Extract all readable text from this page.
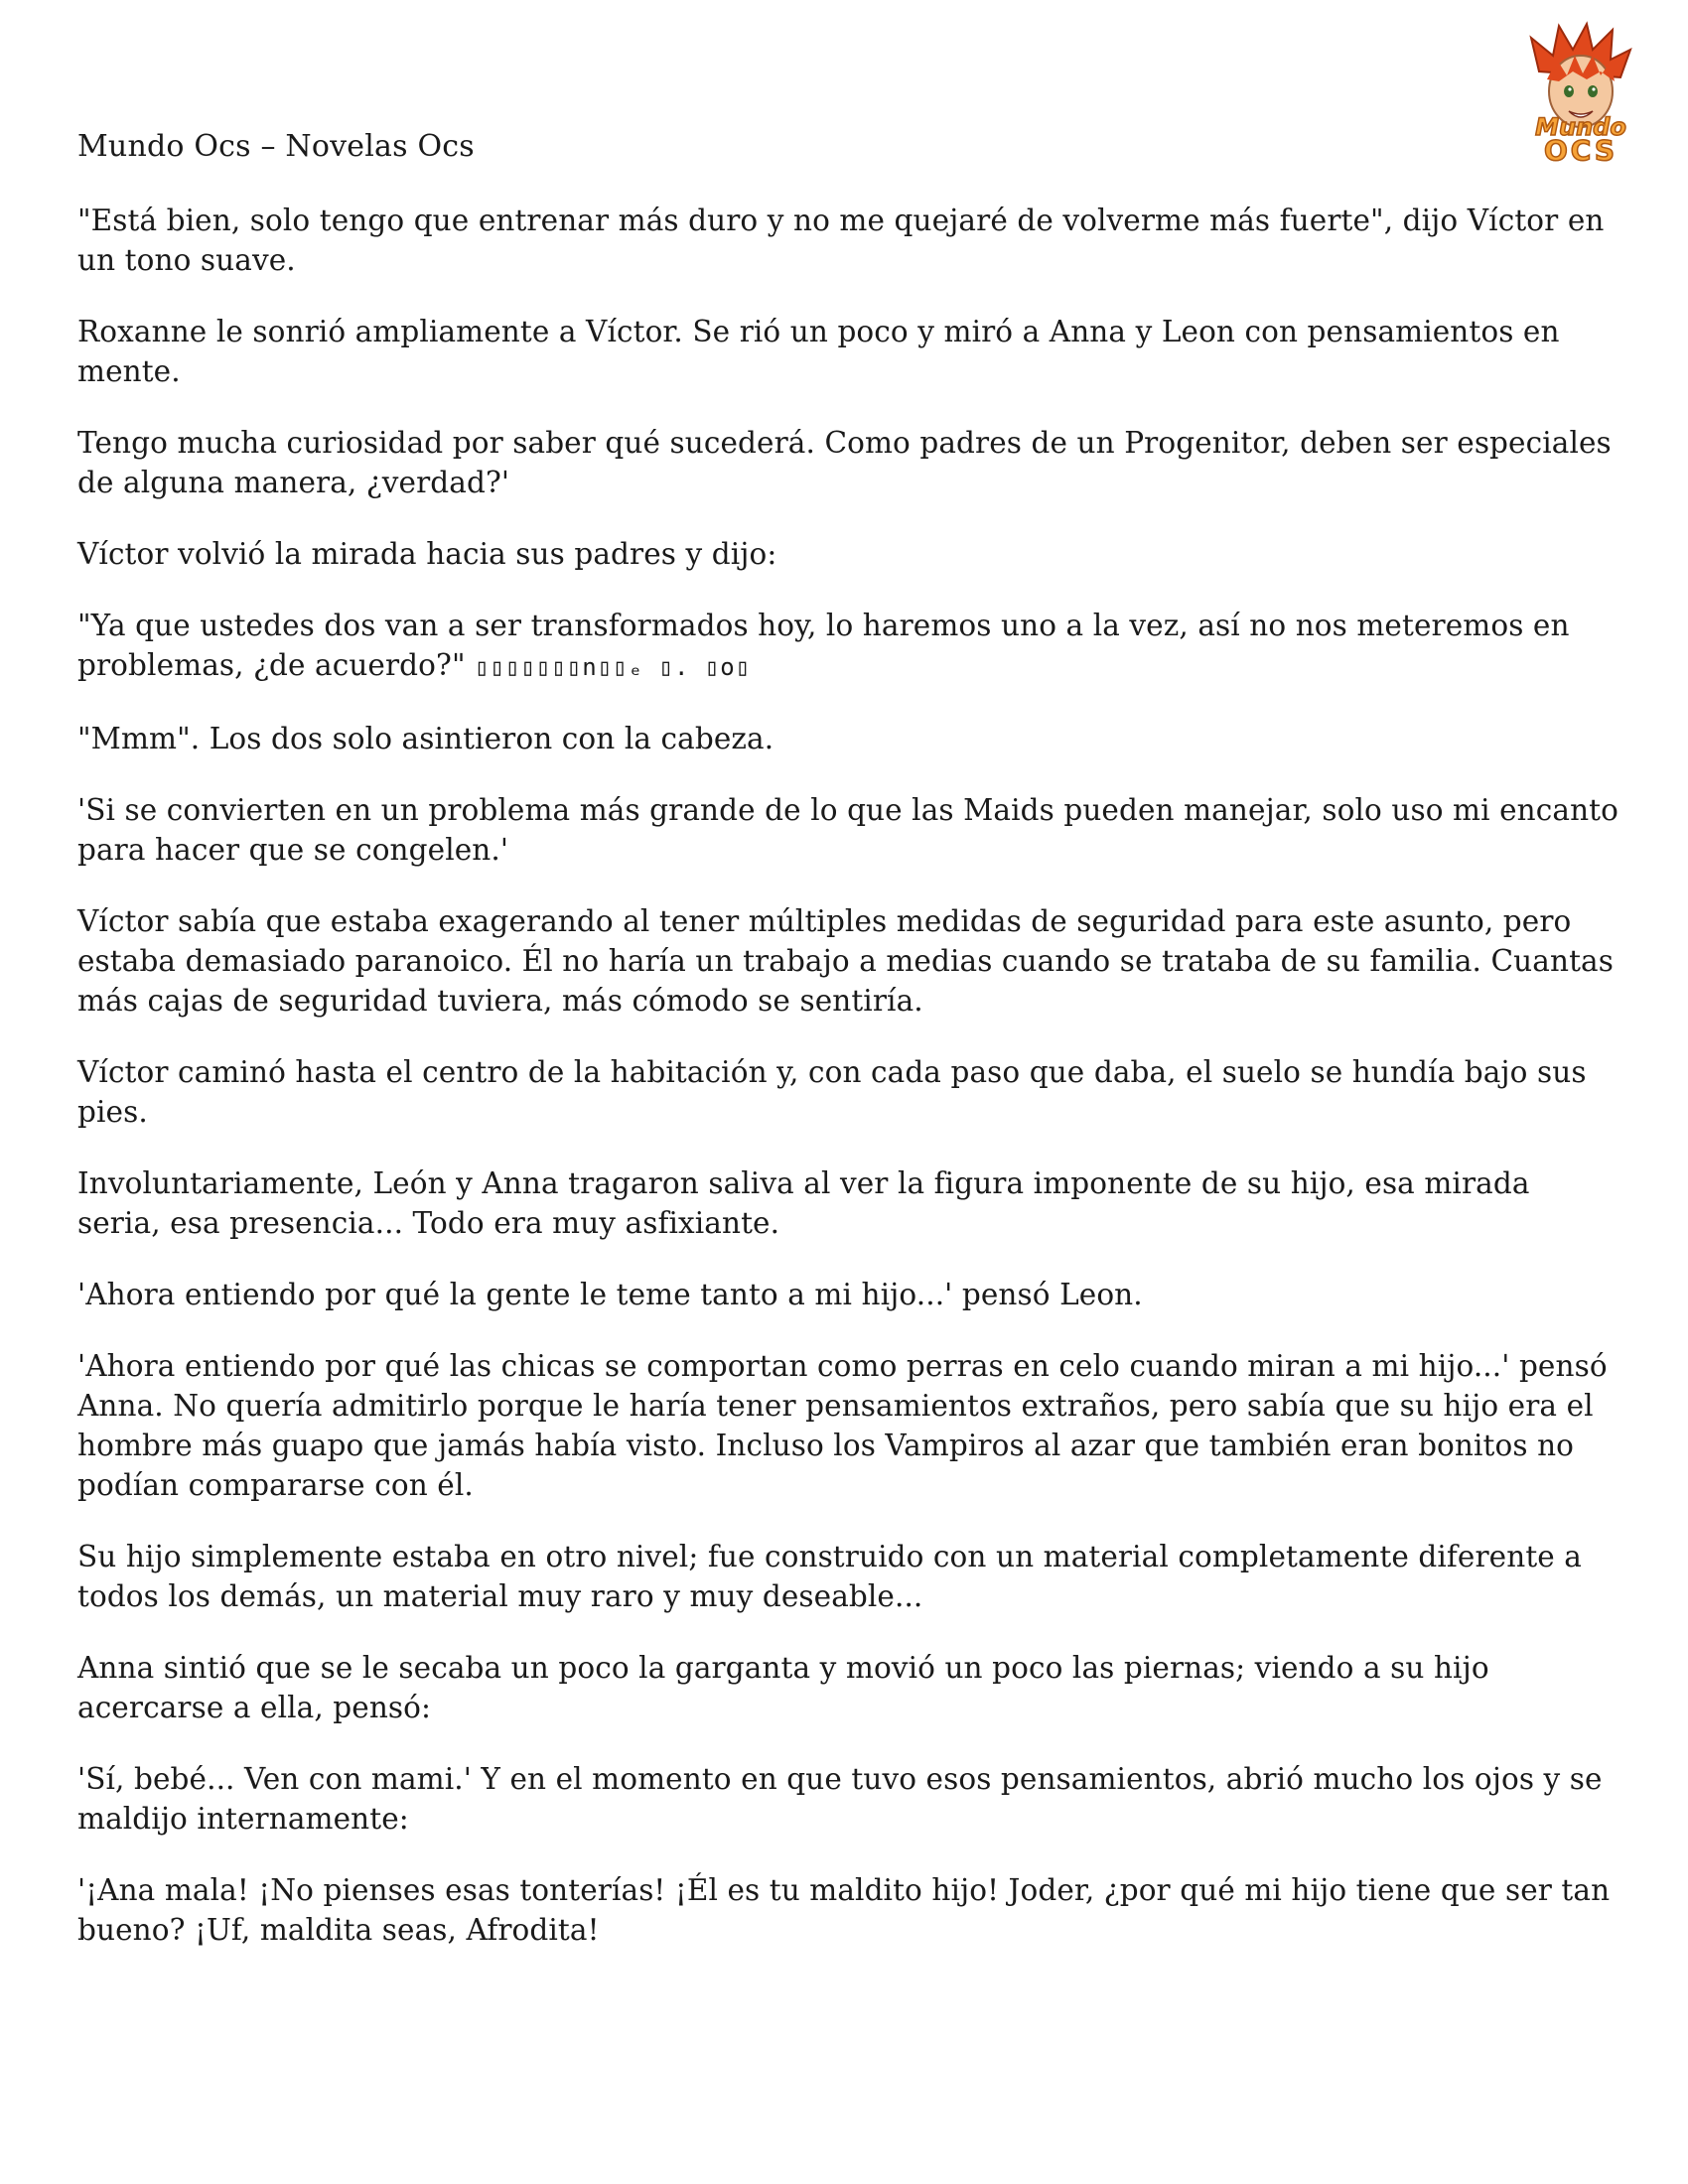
Mundo
OCS
Mundo Ocs – Novelas Ocs

"Está bien, solo tengo que entrenar más duro y no me quejaré de volverme más fuerte", dijo Víctor en un tono suave.

Roxanne le sonrió ampliamente a Víctor. Se rió un poco y miró a Anna y Leon con pensamientos en mente.

Tengo mucha curiosidad por saber qué sucederá. Como padres de un Progenitor, deben ser especiales de alguna manera, ¿verdad?'

Víctor volvió la mirada hacia sus padres y dijo:

"Ya que ustedes dos van a ser transformados hoy, lo haremos uno a la vez, así no nos meteremos en problemas, ¿de acuerdo?" ▯▯▯▯▯▯▯n▯▯ₑ ▯. ▯o▯

"Mmm". Los dos solo asintieron con la cabeza.

'Si se convierten en un problema más grande de lo que las Maids pueden manejar, solo uso mi encanto para hacer que se congelen.'

Víctor sabía que estaba exagerando al tener múltiples medidas de seguridad para este asunto, pero estaba demasiado paranoico. Él no haría un trabajo a medias cuando se trataba de su familia. Cuantas más cajas de seguridad tuviera, más cómodo se sentiría.

Víctor caminó hasta el centro de la habitación y, con cada paso que daba, el suelo se hundía bajo sus pies.

Involuntariamente, León y Anna tragaron saliva al ver la figura imponente de su hijo, esa mirada seria, esa presencia... Todo era muy asfixiante.

'Ahora entiendo por qué la gente le teme tanto a mi hijo...' pensó Leon.

'Ahora entiendo por qué las chicas se comportan como perras en celo cuando miran a mi hijo...' pensó Anna. No quería admitirlo porque le haría tener pensamientos extraños, pero sabía que su hijo era el hombre más guapo que jamás había visto. Incluso los Vampiros al azar que también eran bonitos no podían compararse con él.

Su hijo simplemente estaba en otro nivel; fue construido con un material completamente diferente a todos los demás, un material muy raro y muy deseable...

Anna sintió que se le secaba un poco la garganta y movió un poco las piernas; viendo a su hijo acercarse a ella, pensó:

'Sí, bebé... Ven con mami.' Y en el momento en que tuvo esos pensamientos, abrió mucho los ojos y se maldijo internamente:

'¡Ana mala! ¡No pienses esas tonterías! ¡Él es tu maldito hijo! Joder, ¿por qué mi hijo tiene que ser tan bueno? ¡Uf, maldita seas, Afrodita!
